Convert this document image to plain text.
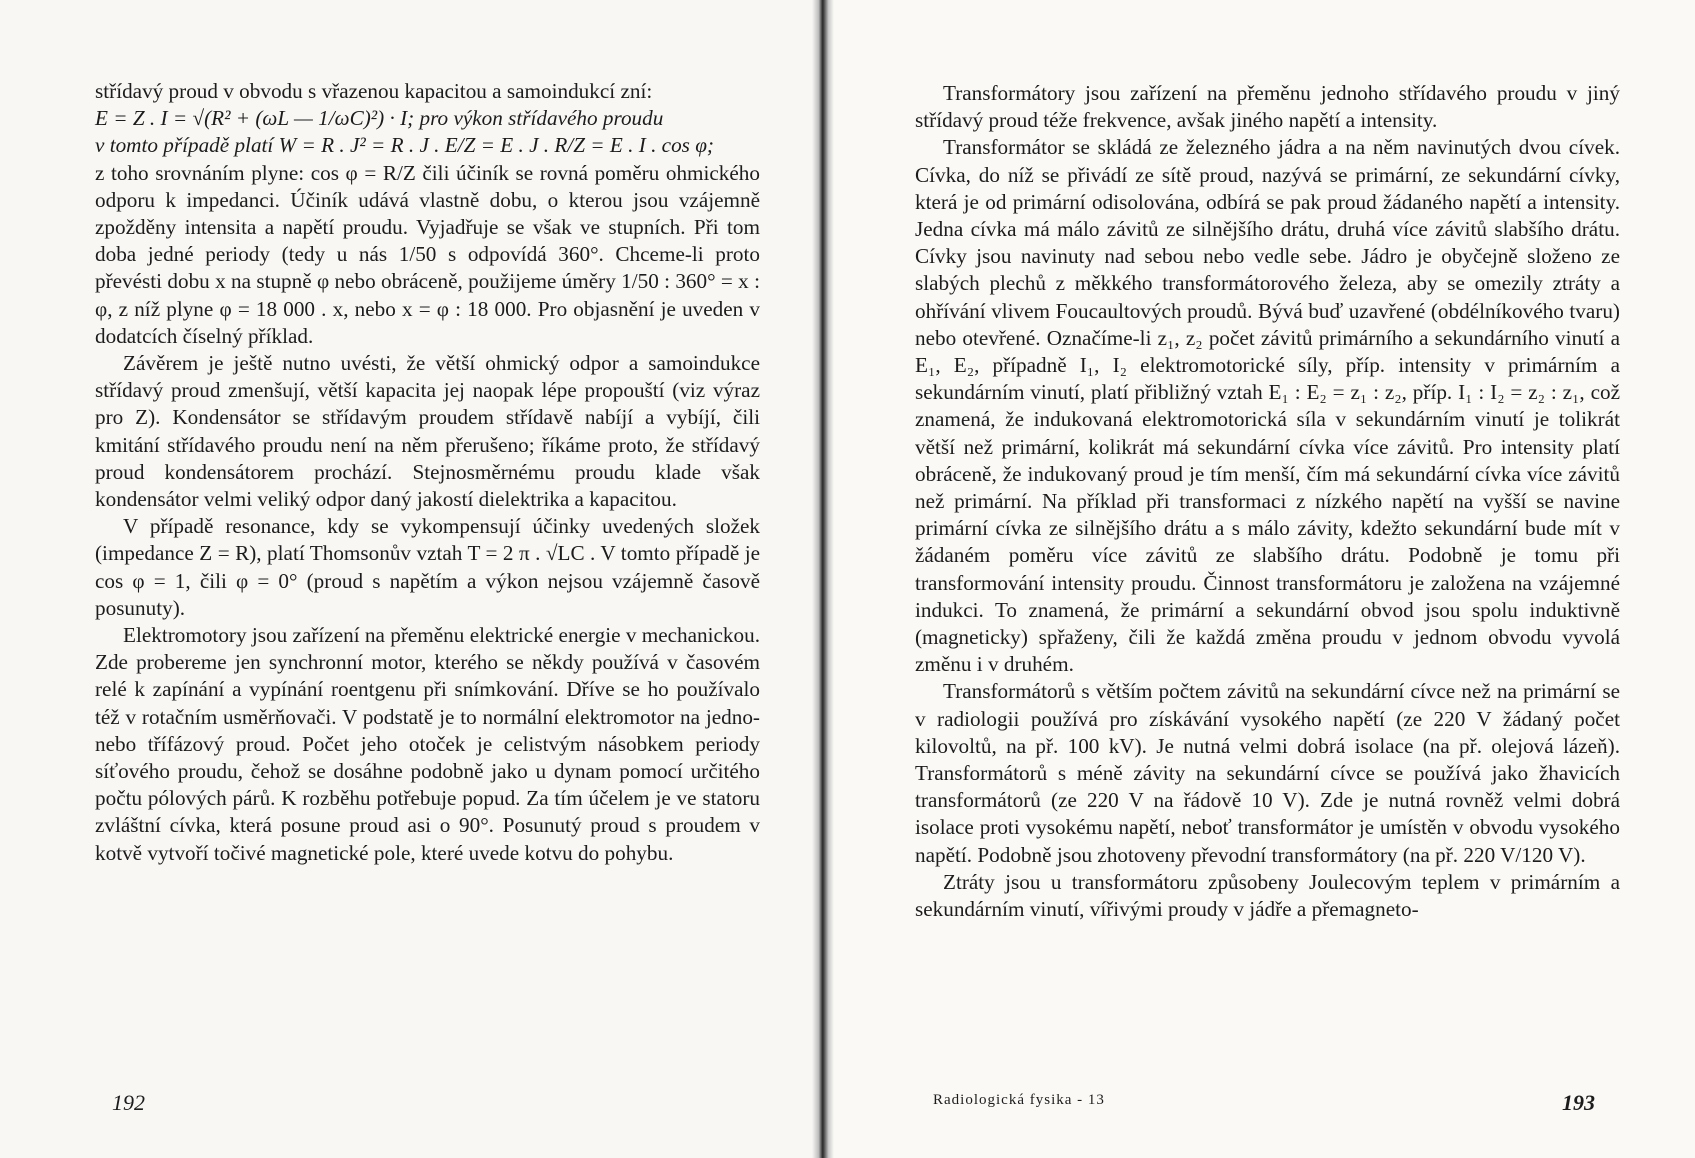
střídavý proud v obvodu s vřazenou kapacitou a samoindukcí zní:

E = Z . I = √(R² + (ωL — 1/ωC)²) · I; pro výkon střídavého proudu

v tomto případě platí W = R . J² = R . J . E/Z = E . J . R/Z = E . I . cos φ;

z toho srovnáním plyne: cos φ = R/Z čili účiník se rovná poměru ohmického odporu k impedanci. Účiník udává vlastně dobu, o kterou jsou vzájemně zpožděny intensita a napětí proudu. Vyjadřuje se však ve stupních. Při tom doba jedné periody (tedy u nás 1/50 s odpovídá 360°. Chceme-li proto převésti dobu x na stupně φ nebo obráceně, použijeme úměry 1/50 : 360° = x : φ, z níž plyne φ = 18 000 . x, nebo x = φ : 18 000. Pro objasnění je uveden v dodatcích číselný příklad.

Závěrem je ještě nutno uvésti, že větší ohmický odpor a samoindukce střídavý proud zmenšují, větší kapacita jej naopak lépe propouští (viz výraz pro Z). Kondensátor se střídavým proudem střídavě nabíjí a vybíjí, čili kmitání střídavého proudu není na něm přerušeno; říkáme proto, že střídavý proud kondensátorem prochází. Stejnosměrnému proudu klade však kondensátor velmi veliký odpor daný jakostí dielektrika a kapacitou.

V případě resonance, kdy se vykompensují účinky uvedených složek (impedance Z = R), platí Thomsonův vztah T = 2 π . √LC . V tomto případě je cos φ = 1, čili φ = 0° (proud s napětím a výkon nejsou vzájemně časově posunuty).

Elektromotory jsou zařízení na přeměnu elektrické energie v mechanickou. Zde probereme jen synchronní motor, kterého se někdy používá v časovém relé k zapínání a vypínání roentgenu při snímkování. Dříve se ho používalo též v rotačním usměrňovači. V podstatě je to normální elektromotor na jedno- nebo třífázový proud. Počet jeho otoček je celistvým násobkem periody síťového proudu, čehož se dosáhne podobně jako u dynam pomocí určitého počtu pólových párů. K rozběhu potřebuje popud. Za tím účelem je ve statoru zvláštní cívka, která posune proud asi o 90°. Posunutý proud s proudem v kotvě vytvoří točivé magnetické pole, které uvede kotvu do pohybu.

192

Transformátory jsou zařízení na přeměnu jednoho střídavého proudu v jiný střídavý proud téže frekvence, avšak jiného napětí a intensity.

Transformátor se skládá ze železného jádra a na něm navinutých dvou cívek. Cívka, do níž se přivádí ze sítě proud, nazývá se primární, ze sekundární cívky, která je od primární odisolována, odbírá se pak proud žádaného napětí a intensity. Jedna cívka má málo závitů ze silnějšího drátu, druhá více závitů slabšího drátu. Cívky jsou navinuty nad sebou nebo vedle sebe. Jádro je obyčejně složeno ze slabých plechů z měkkého transformátorového železa, aby se omezily ztráty a ohřívání vlivem Foucaultových proudů. Bývá buď uzavřené (obdélníkového tvaru) nebo otevřené. Označíme-li z₁, z₂ počet závitů primárního a sekundárního vinutí a E₁, E₂, případně I₁, I₂ elektromotorické síly, příp. intensity v primárním a sekundárním vinutí, platí přibližný vztah E₁ : E₂ = z₁ : z₂, příp. I₁ : I₂ = z₂ : z₁, což znamená, že indukovaná elektromotorická síla v sekundárním vinutí je tolikrát větší než primární, kolikrát má sekundární cívka více závitů. Pro intensity platí obráceně, že indukovaný proud je tím menší, čím má sekundární cívka více závitů než primární. Na příklad při transformaci z nízkého napětí na vyšší se navine primární cívka ze silnějšího drátu a s málo závity, kdežto sekundární bude mít v žádaném poměru více závitů ze slabšího drátu. Podobně je tomu při transformování intensity proudu. Činnost transformátoru je založena na vzájemné indukci. To znamená, že primární a sekundární obvod jsou spolu induktivně (magneticky) spřaženy, čili že každá změna proudu v jednom obvodu vyvolá změnu i v druhém.

Transformátorů s větším počtem závitů na sekundární cívce než na primární se v radiologii používá pro získávání vysokého napětí (ze 220 V žádaný počet kilovoltů, na př. 100 kV). Je nutná velmi dobrá isolace (na př. olejová lázeň). Transformátorů s méně závity na sekundární cívce se používá jako žhavicích transformátorů (ze 220 V na řádově 10 V). Zde je nutná rovněž velmi dobrá isolace proti vysokému napětí, neboť transformátor je umístěn v obvodu vysokého napětí. Podobně jsou zhotoveny převodní transformátory (na př. 220 V/120 V).

Ztráty jsou u transformátoru způsobeny Joulecovým teplem v primárním a sekundárním vinutí, vířivými proudy v jádře a přemagneto-

Radiologická fysika - 13	193
